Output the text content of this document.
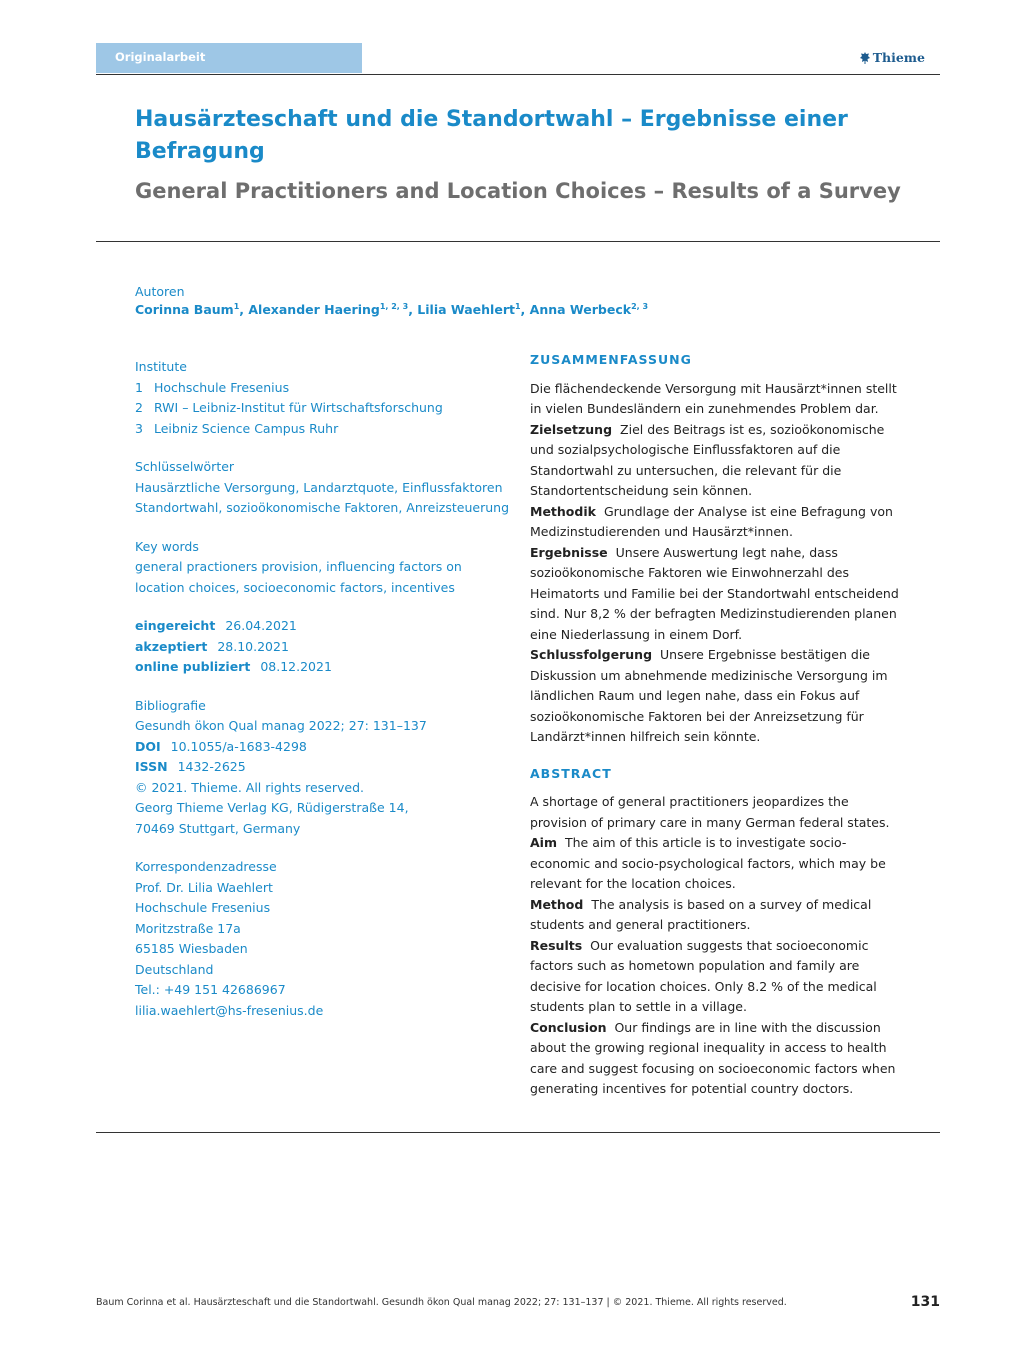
Originalarbeit	Thieme
Hausärzteschaft und die Standortwahl – Ergebnisse einer Befragung
General Practitioners and Location Choices – Results of a Survey
Autoren
Corinna Baum$^1$, Alexander Haering$^{1, 2, 3}$, Lilia Waehlert$^1$, Anna Werbeck$^{2, 3}$

Institute

1 Hochschule Fresenius

2 RWI – Leibniz-Institut für Wirtschaftsforschung

3 Leibniz Science Campus Ruhr

Schlüsselwörter

Hausärztliche Versorgung, Landarztquote, Einflussfaktoren

Standortwahl, sozioökonomische Faktoren, Anreizsteuerung

Key words

general practioners provision, influencing factors on

location choices, socioeconomic factors, incentives

eingereicht 26.04.2021

akzeptiert 28.10.2021

online publiziert 08.12.2021

Bibliografie

Gesundh ökon Qual manag 2022; 27: 131–137

DOI 10.1055/a-1683-4298

ISSN 1432-2625

© 2021. Thieme. All rights reserved.

Georg Thieme Verlag KG, Rüdigerstraße 14,

70469 Stuttgart, Germany

Korrespondenzadresse

Prof. Dr. Lilia Waehlert

Hochschule Fresenius

Moritzstraße 17a

65185 Wiesbaden

Deutschland

Tel.: +49 151 42686967

lilia.waehlert@hs-fresenius.de

ZUSAMMENFASSUNG

Die flächendeckende Versorgung mit Hausärzt*innen stellt in vielen Bundesländern ein zunehmendes Problem dar.

Zielsetzung Ziel des Beitrags ist es, sozioökonomische und sozialpsychologische Einflussfaktoren auf die Standortwahl zu untersuchen, die relevant für die Standortentscheidung sein können.

Methodik Grundlage der Analyse ist eine Befragung von Medizinstudierenden und Hausärzt*innen.

Ergebnisse Unsere Auswertung legt nahe, dass sozioökonomische Faktoren wie Einwohnerzahl des Heimatorts und Familie bei der Standortwahl entscheidend sind. Nur 8,2 % der befragten Medizinstudierenden planen eine Niederlassung in einem Dorf.

Schlussfolgerung Unsere Ergebnisse bestätigen die Diskussion um abnehmende medizinische Versorgung im ländlichen Raum und legen nahe, dass ein Fokus auf sozioökonomische Faktoren bei der Anreizsetzung für Landärzt*innen hilfreich sein könnte.

ABSTRACT

A shortage of general practitioners jeopardizes the provision of primary care in many German federal states.

Aim The aim of this article is to investigate socio-economic and socio-psychological factors, which may be relevant for the location choices.

Method The analysis is based on a survey of medical students and general practitioners.

Results Our evaluation suggests that socioeconomic factors such as hometown population and family are decisive for location choices. Only 8.2 % of the medical students plan to settle in a village.

Conclusion Our findings are in line with the discussion about the growing regional inequality in access to health care and suggest focusing on socioeconomic factors when generating incentives for potential country doctors.

Baum Corinna et al. Hausärzteschaft und die Standortwahl. Gesundh ökon Qual manag 2022; 27: 131–137 | © 2021. Thieme. All rights reserved.	131
